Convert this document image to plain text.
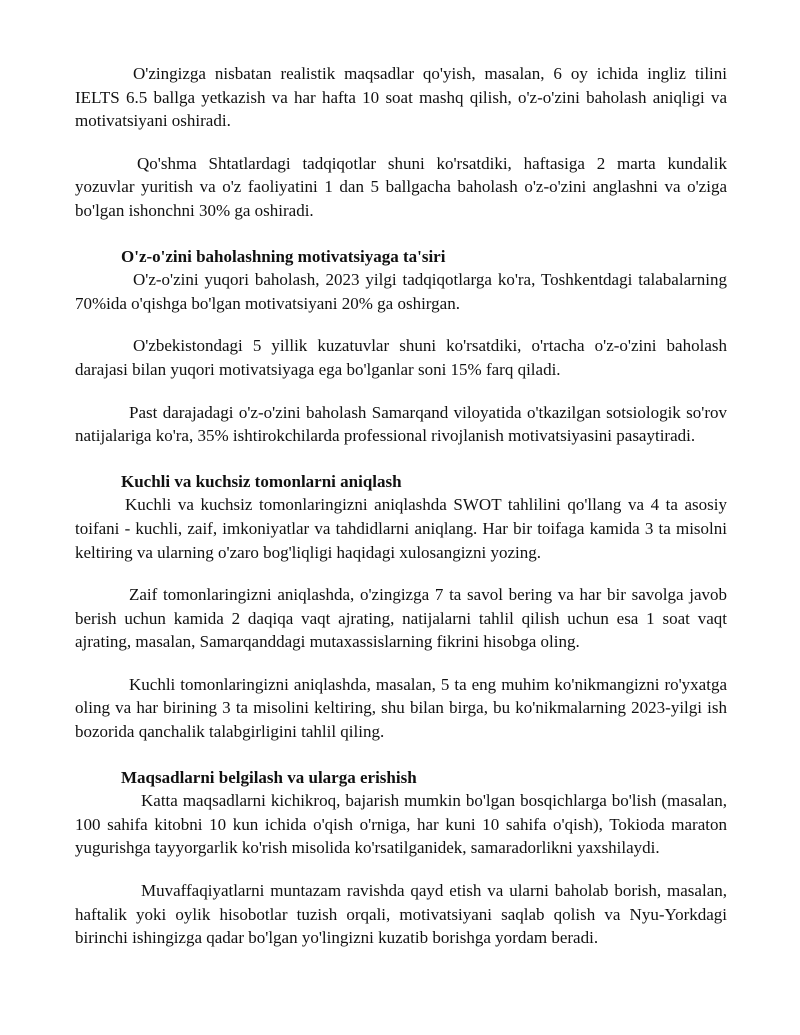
O'zingizga nisbatan realistik maqsadlar qo'yish, masalan, 6 oy ichida ingliz tilini IELTS 6.5 ballga yetkazish va har hafta 10 soat mashq qilish, o'z-o'zini baholash aniqligi va motivatsiyani oshiradi.

Qo'shma Shtatlardagi tadqiqotlar shuni ko'rsatdiki, haftasiga 2 marta kundalik yozuvlar yuritish va o'z faoliyatini 1 dan 5 ballgacha baholash o'z-o'zini anglashni va o'ziga bo'lgan ishonchni 30% ga oshiradi.

O'z-o'zini baholashning motivatsiyaga ta'siri

O'z-o'zini yuqori baholash, 2023 yilgi tadqiqotlarga ko'ra, Toshkentdagi talabalarning 70%ida o'qishga bo'lgan motivatsiyani 20% ga oshirgan.

O'zbekistondagi 5 yillik kuzatuvlar shuni ko'rsatdiki, o'rtacha o'z-o'zini baholash darajasi bilan yuqori motivatsiyaga ega bo'lganlar soni 15% farq qiladi.

Past darajadagi o'z-o'zini baholash Samarqand viloyatida o'tkazilgan sotsiologik so'rov natijalariga ko'ra, 35% ishtirokchilarda professional rivojlanish motivatsiyasini pasaytiradi.

Kuchli va kuchsiz tomonlarni aniqlash

Kuchli va kuchsiz tomonlaringizni aniqlashda SWOT tahlilini qo'llang va 4 ta asosiy toifani - kuchli, zaif, imkoniyatlar va tahdidlarni aniqlang. Har bir toifaga kamida 3 ta misolni keltiring va ularning o'zaro bog'liqligi haqidagi xulosangizni yozing.

Zaif tomonlaringizni aniqlashda, o'zingizga 7 ta savol bering va har bir savolga javob berish uchun kamida 2 daqiqa vaqt ajrating, natijalarni tahlil qilish uchun esa 1 soat vaqt ajrating, masalan, Samarqanddagi mutaxassislarning fikrini hisobga oling.

Kuchli tomonlaringizni aniqlashda, masalan, 5 ta eng muhim ko'nikmangizni ro'yxatga oling va har birining 3 ta misolini keltiring, shu bilan birga, bu ko'nikmalarning 2023-yilgi ish bozorida qanchalik talabgirligini tahlil qiling.

Maqsadlarni belgilash va ularga erishish

Katta maqsadlarni kichikroq, bajarish mumkin bo'lgan bosqichlarga bo'lish (masalan, 100 sahifa kitobni 10 kun ichida o'qish o'rniga, har kuni 10 sahifa o'qish), Tokioda maraton yugurishga tayyorgarlik ko'rish misolida ko'rsatilganidek, samaradorlikni yaxshilaydi.

Muvaffaqiyatlarni muntazam ravishda qayd etish va ularni baholab borish, masalan, haftalik yoki oylik hisobotlar tuzish orqali, motivatsiyani saqlab qolish va Nyu-Yorkdagi birinchi ishingizga qadar bo'lgan yo'lingizni kuzatib borishga yordam beradi.
